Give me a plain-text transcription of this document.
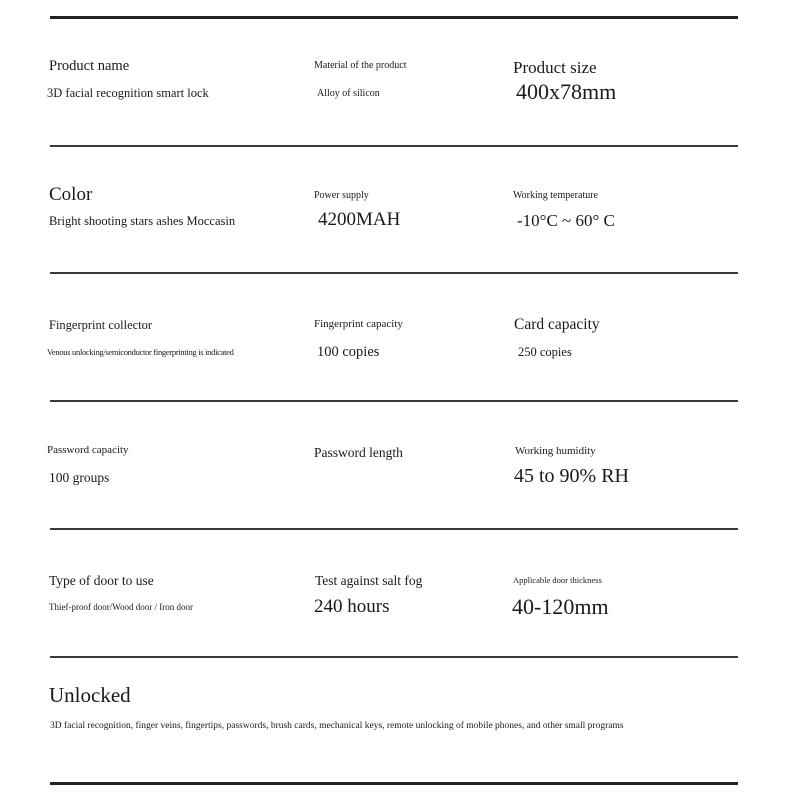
Product name
3D facial recognition smart lock
Material of the product
Alloy of silicon
Product size
400x78mm
Color
Bright shooting stars ashes Moccasin
Power supply
4200MAH
Working temperature
-10°C ~ 60° C
Fingerprint collector
Venous unlocking/semiconductor fingerprinting is indicated
Fingerprint capacity
100 copies
Card capacity
250 copies
Password capacity
100 groups
Password length	Working humidity
45 to 90% RH
Type of door to use
Thief-proof door/Wood door / Iron door
Test against salt fog
240 hours
Applicable door thickness
40-120mm
Unlocked
3D facial recognition, finger veins, fingertips, passwords, brush cards, mechanical keys, remote unlocking of mobile phones, and other small programs
